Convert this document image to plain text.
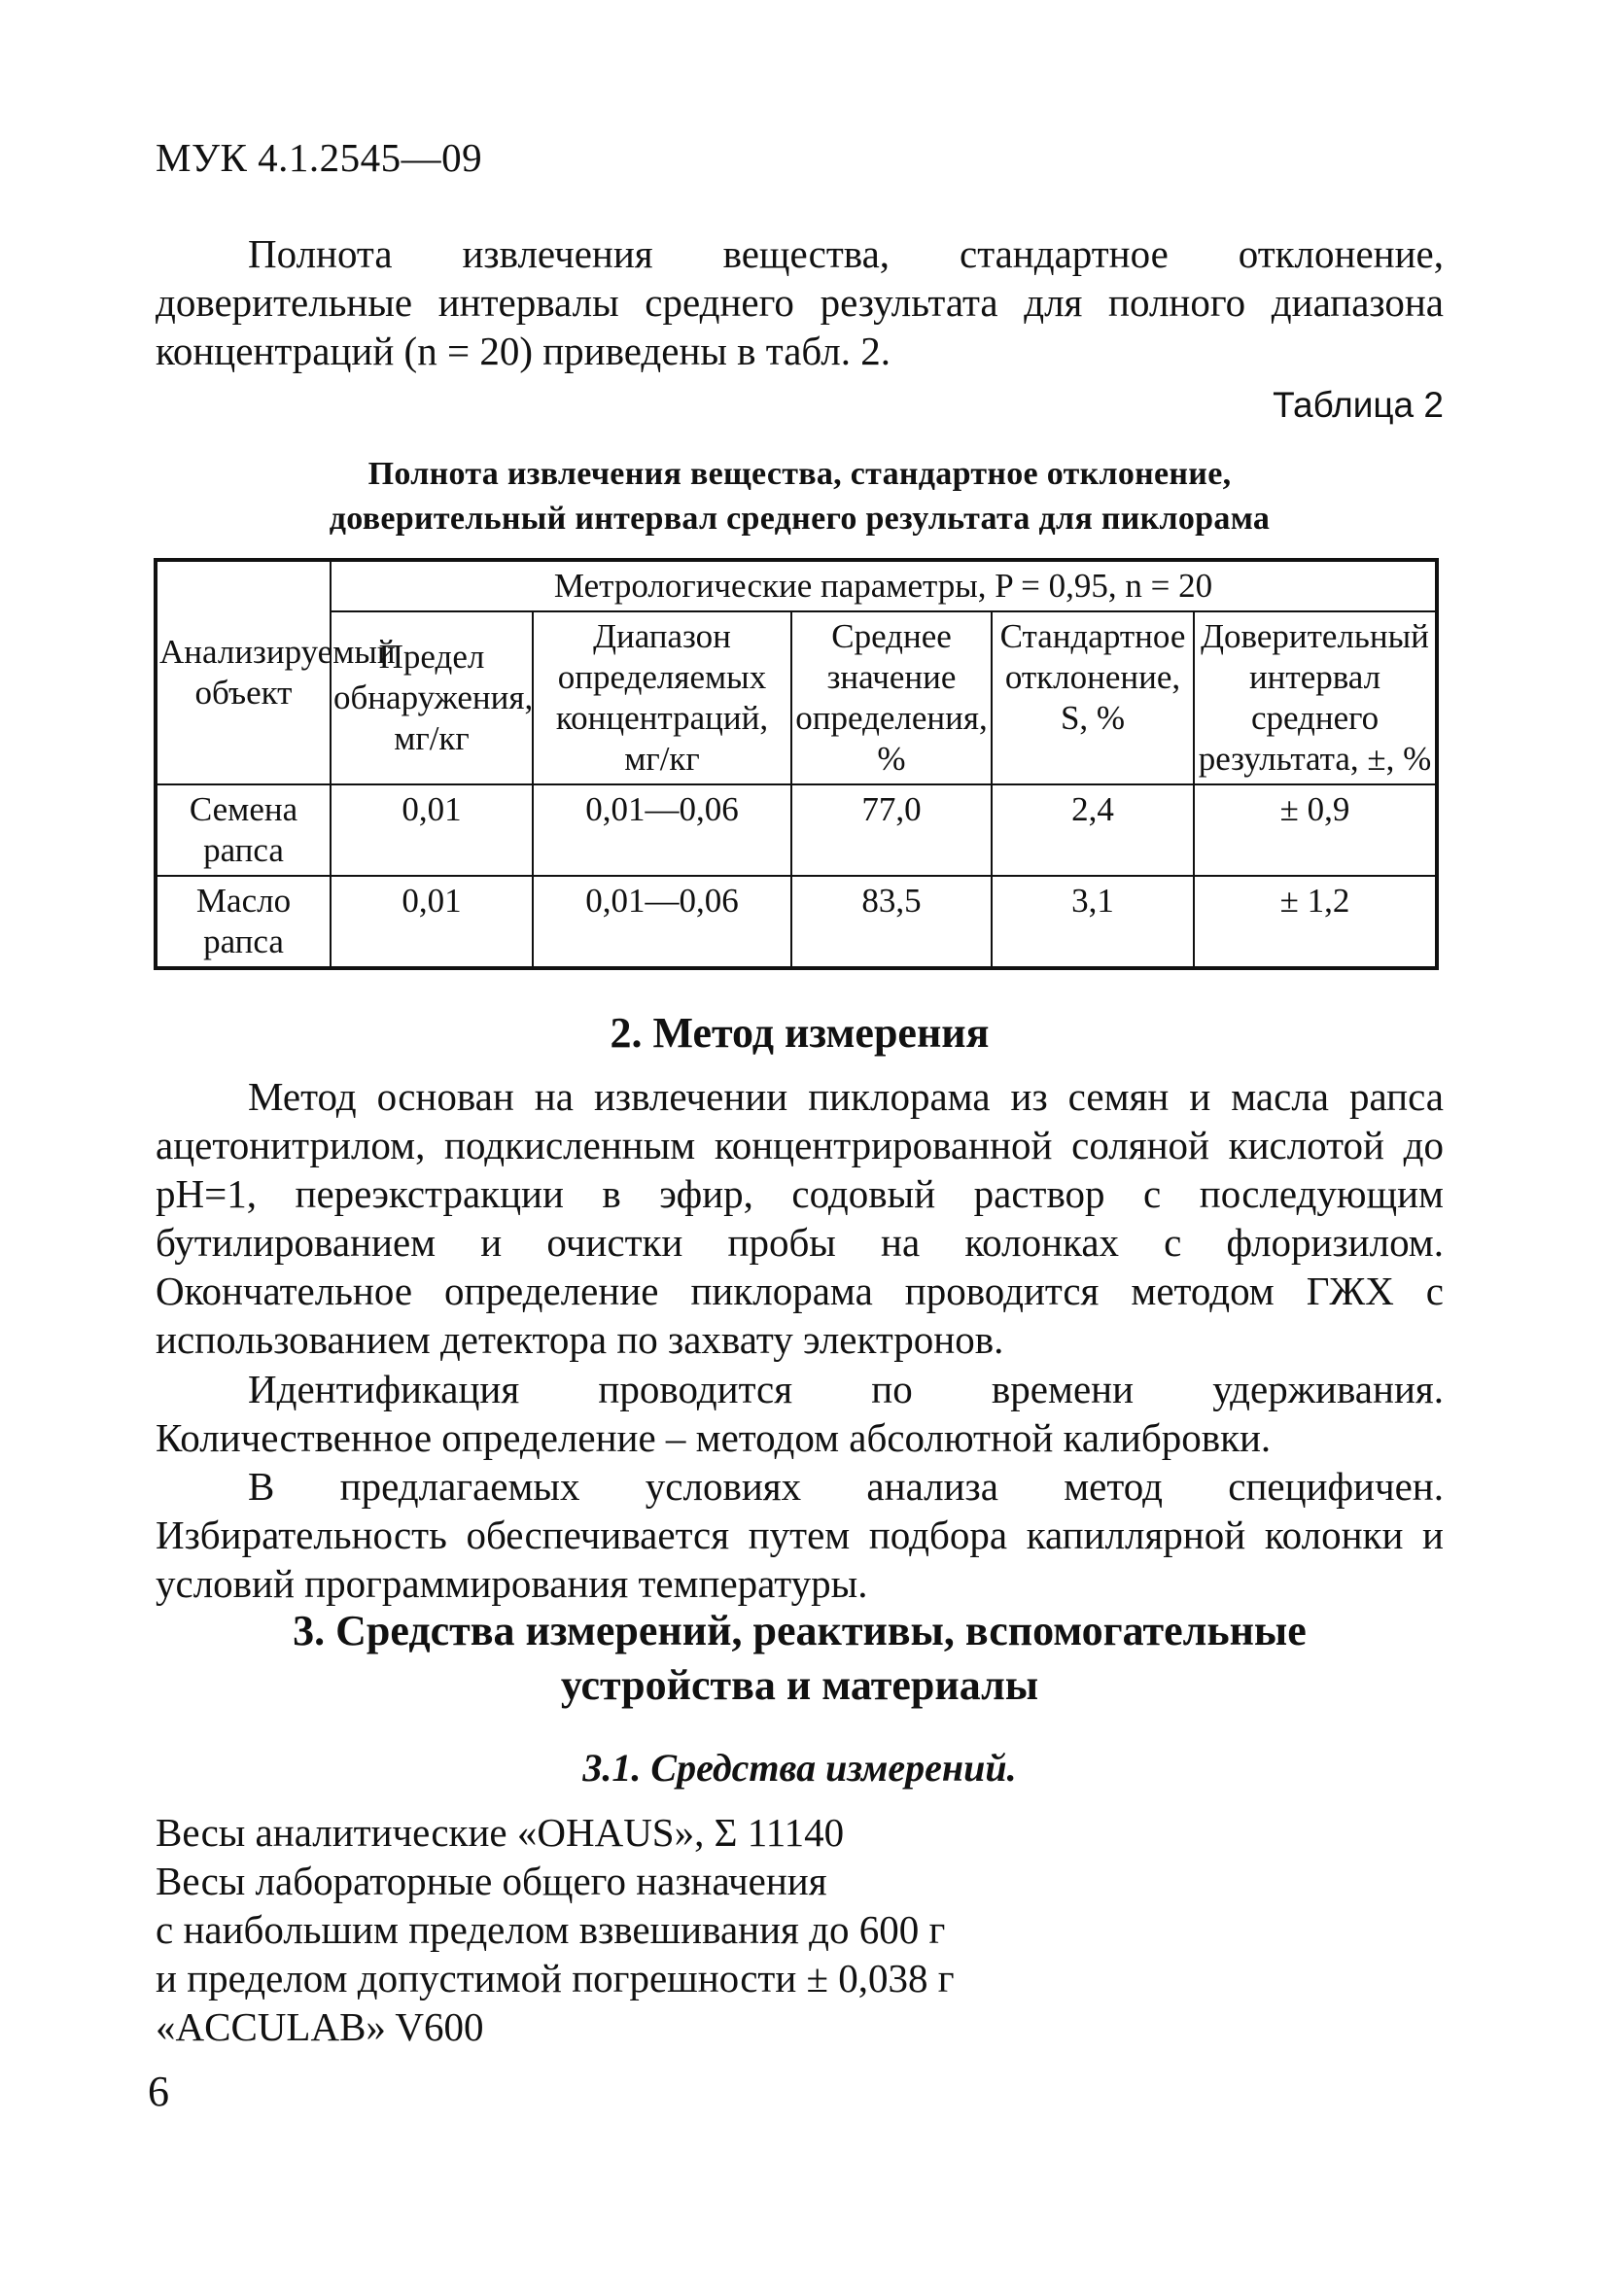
МУК 4.1.2545—09

Полнота извлечения вещества, стандартное отклонение, доверительные интервалы среднего результата для полного диапазона концентраций (n = 20) приведены в табл. 2.

Таблица 2
Полнота извлечения вещества, стандартное отклонение,
доверительный интервал среднего результата для пиклорама
Анализируемый объект	Метрологические параметры, P = 0,95, n = 20				
	Предел обнаружения, мг/кг	Диапазон определяемых концентраций, мг/кг	Среднее значение определения, %	Стандартное отклонение, S, %	Доверительный интервал среднего результата, ±, %
Семена рапса	0,01	0,01—0,06	77,0	2,4	± 0,9
Масло рапса	0,01	0,01—0,06	83,5	3,1	± 1,2
2. Метод измерения

Метод основан на извлечении пиклорама из семян и масла рапса ацетонитрилом, подкисленным концентрированной соляной кислотой до pH=1, переэкстракции в эфир, содовый раствор с последующим бутилированием и очистки пробы на колонках с флоризилом. Окончательное определение пиклорама проводится методом ГЖХ с использованием детектора по захвату электронов.

Идентификация проводится по времени удерживания. Количественное определение – методом абсолютной калибровки.

В предлагаемых условиях анализа метод специфичен. Избирательность обеспечивается путем подбора капиллярной колонки и условий программирования температуры.

3. Средства измерений, реактивы, вспомогательные
устройства и материалы
3.1. Средства измерений.
Весы аналитические «OHAUS», Σ 11140
Весы лабораторные общего назначения
с наибольшим пределом взвешивания до 600 г
и пределом допустимой погрешности ± 0,038 г
«ACCULAB» V600
6
